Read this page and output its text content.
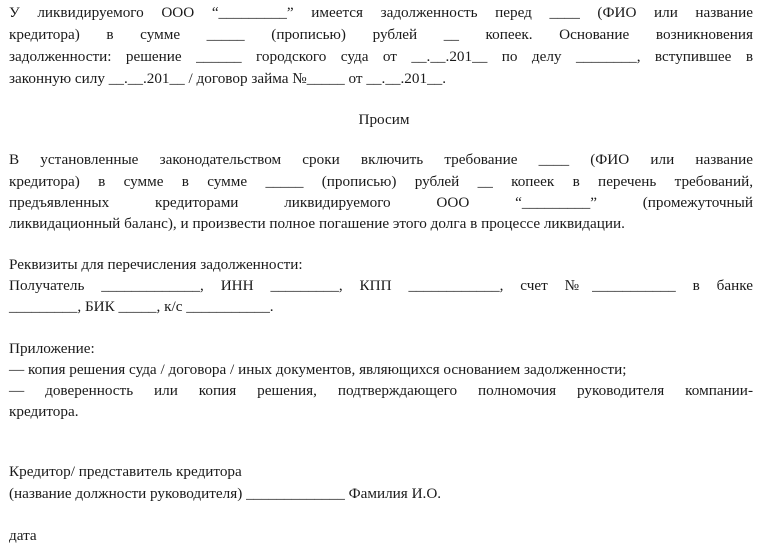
У ликвидируемого ООО “_________” имеется задолженность перед ____ (ФИО или название
кредитора) в сумме _____ (прописью) рублей __ копеек. Основание возникновения
задолженности: решение ______ городского суда от __.__.201__ по делу ________, вступившее в
законную силу __.__.201__ / договор займа №_____ от __.__.201__.
Просим
В установленные законодательством сроки включить требование ____ (ФИО или название
кредитора) в сумме в сумме _____ (прописью) рублей __ копеек в перечень требований,
предъявленных кредиторами ликвидируемого ООО “_________” (промежуточный
ликвидационный баланс), и произвести полное погашение этого долга в процессе ликвидации.
Реквизиты для перечисления задолженности:
Получатель _____________, ИНН _________, КПП ____________, счет №___________ в банке
_________, БИК _____, к/с ___________.
Приложение:
— копия решения суда / договора / иных документов, являющихся основанием задолженности;
— доверенность или копия решения, подтверждающего полномочия руководителя компании-
кредитора.
Кредитор/ представитель кредитора
(название должности руководителя) _____________ Фамилия И.О.
дата
